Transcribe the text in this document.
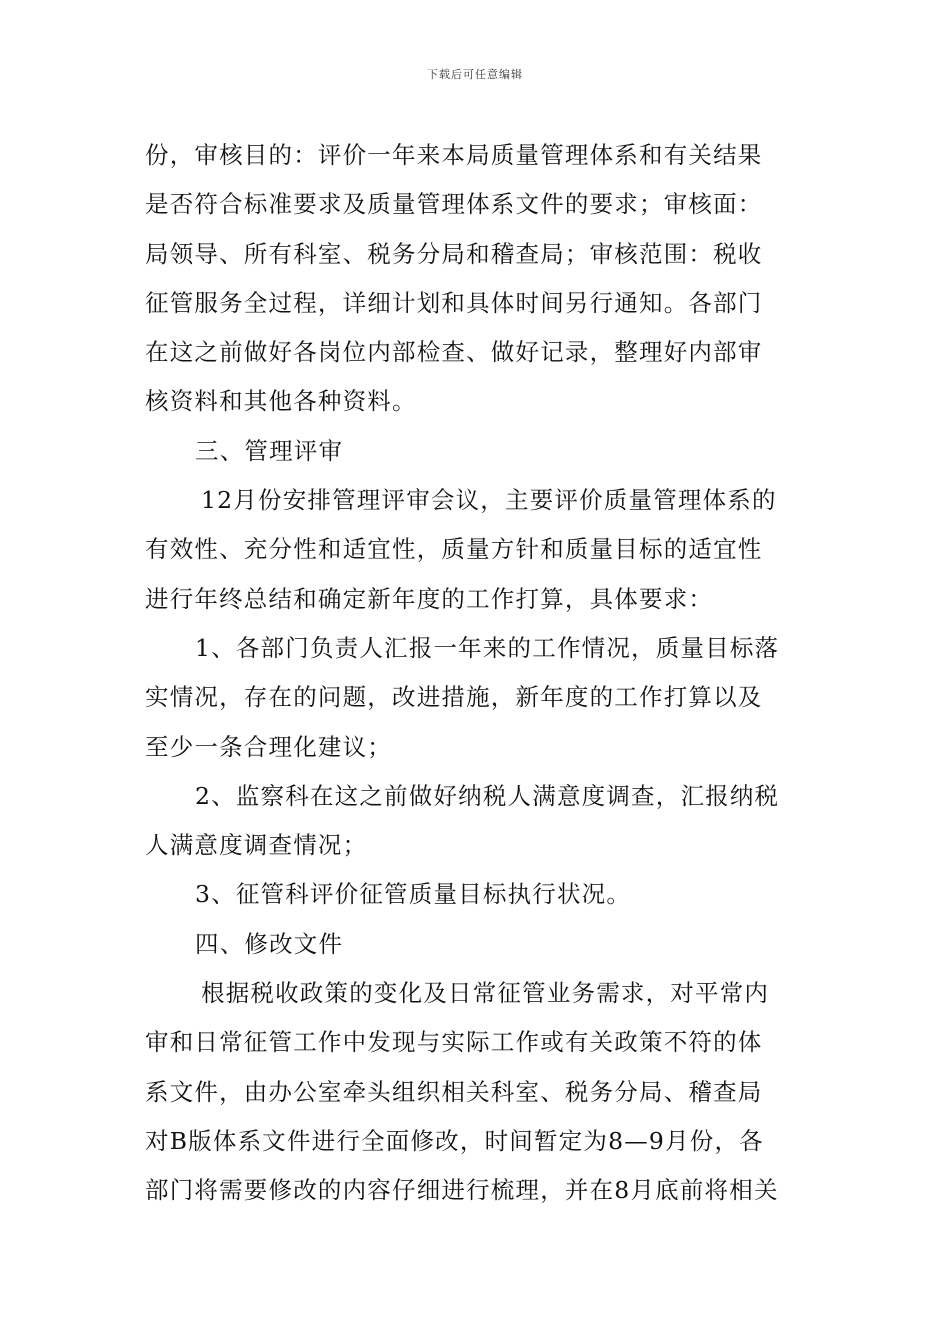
下载后可任意编辑
份，审核目的：评价一年来本局质量管理体系和有关结果
是否符合标准要求及质量管理体系文件的要求；审核面：
局领导、所有科室、税务分局和稽查局；审核范围：税收
征管服务全过程，详细计划和具体时间另行通知。各部门
在这之前做好各岗位内部检查、做好记录，整理好内部审
核资料和其他各种资料。
三、管理评审
12月份安排管理评审会议，主要评价质量管理体系的
有效性、充分性和适宜性，质量方针和质量目标的适宜性
进行年终总结和确定新年度的工作打算，具体要求：
1、各部门负责人汇报一年来的工作情况，质量目标落
实情况，存在的问题，改进措施，新年度的工作打算以及
至少一条合理化建议；
2、监察科在这之前做好纳税人满意度调查，汇报纳税
人满意度调查情况；
3、征管科评价征管质量目标执行状况。
四、修改文件
根据税收政策的变化及日常征管业务需求，对平常内
审和日常征管工作中发现与实际工作或有关政策不符的体
系文件，由办公室牵头组织相关科室、税务分局、稽查局
对B版体系文件进行全面修改，时间暂定为8—9月份，各
部门将需要修改的内容仔细进行梳理，并在8月底前将相关
